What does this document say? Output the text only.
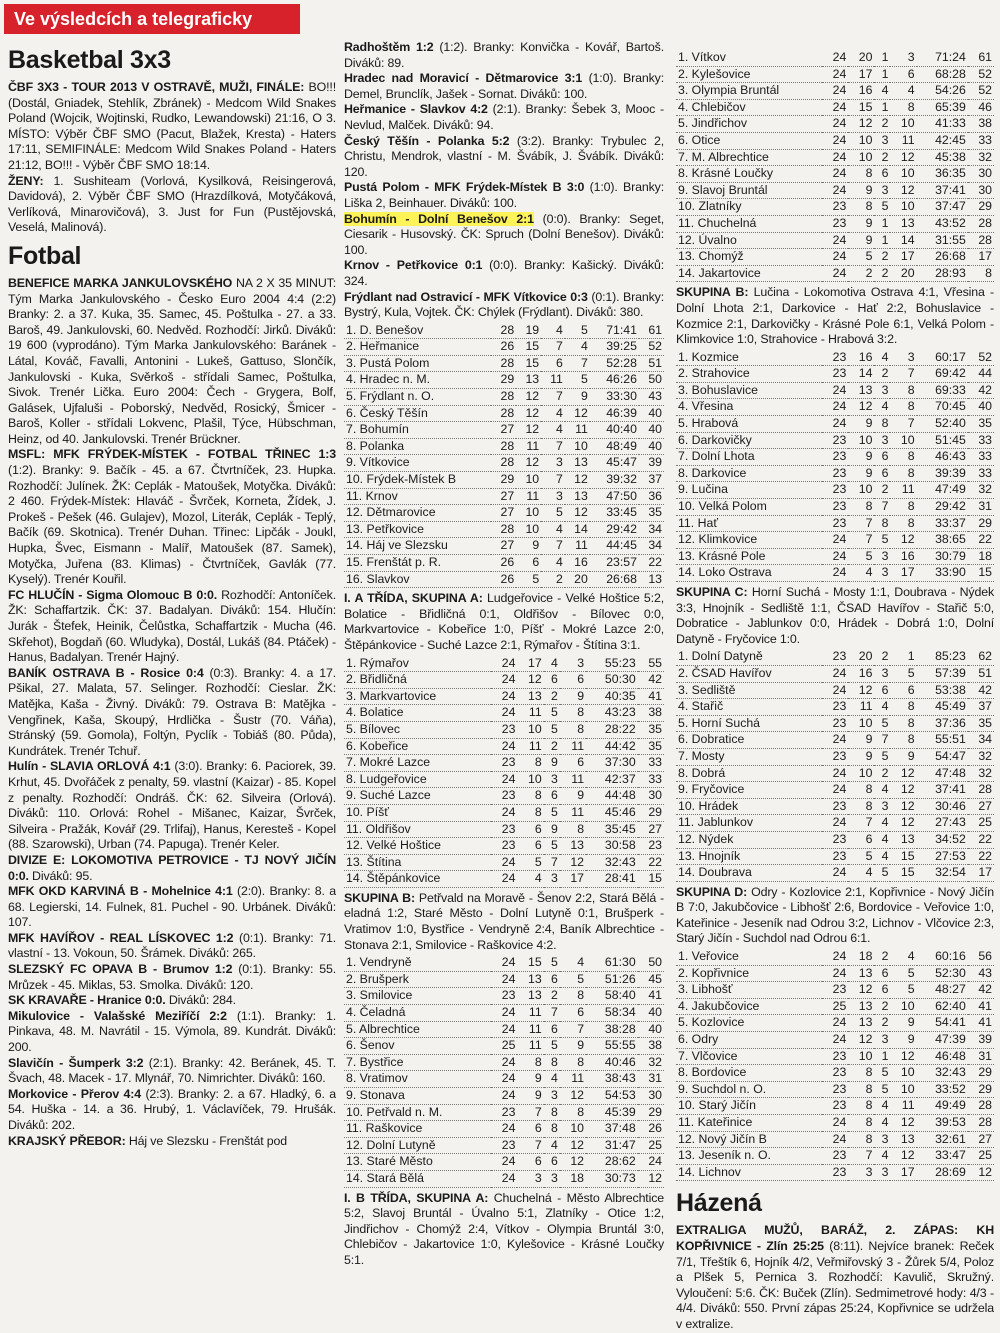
Ve výsledcích a telegraficky
Basketbal 3x3

ČBF 3X3 - TOUR 2013 V OSTRAVĚ, MUŽI, FINÁLE: BO!!! (Dostál, Gniadek, Stehlík, Zbránek) - Medcom Wild Snakes Poland (Wojcik, Wojtinski, Rudko, Lewandowski) 21:16, O 3. MÍSTO: Výběr ČBF SMO (Pacut, Blažek, Kresta) - Haters 17:11, SEMIFINÁLE: Medcom Wild Snakes Poland - Haters 21:12, BO!!! - Výběr ČBF SMO 18:14.

ŽENY: 1. Sushiteam (Vorlová, Kysilková, Reisingerová, Davidová), 2. Výběr ČBF SMO (Hrazdílková, Motyčáková, Verlíková, Minarovičová), 3. Just for Fun (Pustějovská, Veselá, Malinová).

Fotbal

BENEFICE MARKA JANKULOVSKÉHO NA 2 X 35 MINUT: Tým Marka Jankulovského - Česko Euro 2004 4:4 (2:2) Branky: 2. a 37. Kuka, 35. Samec, 45. Poštulka - 27. a 33. Baroš, 49. Jankulovski, 60. Nedvěd. Rozhodčí: Jirků. Diváků: 19 600 (vyprodáno). Tým Marka Jankulovského: Baránek - Látal, Kováč, Favalli, Antonini - Lukeš, Gattuso, Slončík, Jankulovski - Kuka, Svěrkoš - střídali Samec, Poštulka, Sivok. Trenér Lička. Euro 2004: Čech - Grygera, Bolf, Galásek, Ujfaluši - Poborský, Nedvěd, Rosický, Šmicer - Baroš, Koller - střídali Lokvenc, Plašil, Týce, Hübschman, Heinz, od 40. Jankulovski. Trenér Brückner.

MSFL: MFK FRÝDEK-MÍSTEK - FOTBAL TŘINEC 1:3 (1:2). Branky: 9. Bačík - 45. a 67. Čtvrtníček, 23. Hupka. Rozhodčí: Julínek. ŽK: Ceplák - Matoušek, Motyčka. Diváků: 2 460. Frýdek-Místek: Hlaváč - Švrček, Korneta, Žídek, J. Prokeš - Pešek (46. Gulajev), Mozol, Literák, Ceplák - Teplý, Bačík (69. Skotnica). Trenér Duhan. Třinec: Lipčák - Joukl, Hupka, Švec, Eismann - Malíř, Matoušek (87. Samek), Motyčka, Juřena (83. Klimas) - Čtvrtníček, Gavlák (77. Kyselý). Trenér Kouřil.

FC HLUČÍN - Sigma Olomouc B 0:0. Rozhodčí: Antoníček. ŽK: Schaffartzik. ČK: 37. Badalyan. Diváků: 154. Hlučín: Jurák - Štefek, Heinik, Čelůstka, Schaffartzik - Mucha (46. Skřehot), Bogdaň (60. Wludyka), Dostál, Lukáš (84. Ptáček) - Hanus, Badalyan. Trenér Hajný.

BANÍK OSTRAVA B - Rosice 0:4 (0:3). Branky: 4. a 17. Pšikal, 27. Malata, 57. Selinger. Rozhodčí: Cieslar. ŽK: Matějka, Kaša - Živný. Diváků: 79. Ostrava B: Matějka - Vengřinek, Kaša, Skoupý, Hrdlička - Šustr (70. Váňa), Stránský (59. Gomola), Foltýn, Pyclík - Tobiáš (80. Půda), Kundrátek. Trenér Tchuř.

Hulín - SLAVIA ORLOVÁ 4:1 (3:0). Branky: 6. Paciorek, 39. Krhut, 45. Dvořáček z penalty, 59. vlastní (Kaizar) - 85. Kopel z penalty. Rozhodčí: Ondráš. ČK: 62. Silveira (Orlová). Diváků: 110. Orlová: Rohel - Mišanec, Kaizar, Švrček, Silveira - Pražák, Kovář (29. Trlifaj), Hanus, Kerestеš - Kopel (88. Szarowski), Urban (74. Papuga). Trenér Keler.

DIVIZE E: LOKOMOTIVA PETROVICE - TJ NOVÝ JIČÍN 0:0. Diváků: 95.

MFK OKD KARVINÁ B - Mohelnice 4:1 (2:0). Branky: 8. a 68. Legierski, 14. Fulnek, 81. Puchel - 90. Urbánek. Diváků: 107.

MFK HAVÍŘOV - REAL LÍSKOVEC 1:2 (0:1). Branky: 71. vlastní - 13. Vokoun, 50. Šrámek. Diváků: 265.

SLEZSKÝ FC OPAVA B - Brumov 1:2 (0:1). Branky: 55. Mrůzek - 45. Miklas, 53. Smolka. Diváků: 120.

SK KRAVAŘE - Hranice 0:0. Diváků: 284.

Mikulovice - Valašské Meziříčí 2:2 (1:1). Branky: 1. Pinkava, 48. M. Navrátil - 15. Výmola, 89. Kundrát. Diváků: 200.

Slavičín - Šumperk 3:2 (2:1). Branky: 42. Beránek, 45. T. Švach, 48. Macek - 17. Mlynář, 70. Nimrichter. Diváků: 160.

Morkovice - Přerov 4:4 (2:3). Branky: 2. a 67. Hladký, 6. a 54. Huška - 14. a 36. Hrubý, 1. Václavíček, 79. Hrušák. Diváků: 202.

KRAJSKÝ PŘEBOR: Háj ve Slezsku - Frenštát pod

Radhoštěm 1:2 (1:2). Branky: Konvička - Kovář, Bartoš. Diváků: 89.

Hradec nad Moravicí - Dětmarovice 3:1 (1:0). Branky: Demel, Brunclík, Jašek - Sornat. Diváků: 100.

Heřmanice - Slavkov 4:2 (2:1). Branky: Šebek 3, Mooc - Nevlud, Malček. Diváků: 94.

Český Těšín - Polanka 5:2 (3:2). Branky: Trybulec 2, Christu, Mendrok, vlastní - M. Švábík, J. Švábík. Diváků: 120.

Pustá Polom - MFK Frýdek-Místek B 3:0 (1:0). Branky: Liška 2, Beinhauer. Diváků: 100.

Bohumín - Dolní Benešov 2:1 (0:0). Branky: Seget, Ciesarik - Husovský. ČK: Spruch (Dolní Benešov). Diváků: 100.

Krnov - Petřkovice 0:1 (0:0). Branky: Kašický. Diváků: 324.

Frýdlant nad Ostravicí - MFK Vítkovice 0:3 (0:1). Branky: Bystrý, Kula, Vojtek. ČK: Chýlek (Frýdlant). Diváků: 380.

1. D. Benešov	28	19	4	5	71:41	61
2. Heřmanice	26	15	7	4	39:25	52
3. Pustá Polom	28	15	6	7	52:28	51
4. Hradec n. M.	29	13	11	5	46:26	50
5. Frýdlant n. O.	28	12	7	9	33:30	43
6. Český Těšín	28	12	4	12	46:39	40
7. Bohumín	27	12	4	11	40:40	40
8. Polanka	28	11	7	10	48:49	40
9. Vítkovice	28	12	3	13	45:47	39
10. Frýdek-Místek B	29	10	7	12	39:32	37
11. Krnov	27	11	3	13	47:50	36
12. Dětmarovice	27	10	5	12	33:45	35
13. Petřkovice	28	10	4	14	29:42	34
14. Háj ve Slezsku	27	9	7	11	44:45	34
15. Frenštát p. R.	26	6	4	16	23:57	22
16. Slavkov	26	5	2	20	26:68	13

I. A TŘÍDA, SKUPINA A: Ludgeřovice - Velké Hoštice 5:2, Bolatice - Břidličná 0:1, Oldřišov - Bílovec 0:0, Markvartovice - Kobeřice 1:0, Píšť - Mokré Lazce 2:0, Štěpánkovice - Suché Lazce 2:1, Rýmařov - Štítina 3:1.

1. Rýmařov	24	17	4	3	55:23	55
2. Břidličná	24	12	6	6	50:30	42
3. Markvartovice	24	13	2	9	40:35	41
4. Bolatice	24	11	5	8	43:23	38
5. Bílovec	23	10	5	8	28:22	35
6. Kobeřice	24	11	2	11	44:42	35
7. Mokré Lazce	23	8	9	6	37:30	33
8. Ludgeřovice	24	10	3	11	42:37	33
9. Suché Lazce	23	8	6	9	44:48	30
10. Píšť	24	8	5	11	45:46	29
11. Oldřišov	23	6	9	8	35:45	27
12. Velké Hoštice	23	6	5	13	30:58	23
13. Štítina	24	5	7	12	32:43	22
14. Štěpánkovice	24	4	3	17	28:41	15

SKUPINA B: Petřvald na Moravě - Šenov 2:2, Stará Bělá - eladná 1:2, Staré Město - Dolní Lutyně 0:1, Brušperk - Vratimov 1:0, Bystřice - Vendryně 2:4, Baník Albrechtice - Stonava 2:1, Smilovice - Raškovice 4:2.

1. Vendryně	24	15	5	4	61:30	50
2. Brušperk	24	13	6	5	51:26	45
3. Smilovice	23	13	2	8	58:40	41
4. Čeladná	24	11	7	6	58:34	40
5. Albrechtice	24	11	6	7	38:28	40
6. Šenov	25	11	5	9	55:55	38
7. Bystřice	24	8	8	8	40:46	32
8. Vratimov	24	9	4	11	38:43	31
9. Stonava	24	9	3	12	54:53	30
10. Petřvald n. M.	23	7	8	8	45:39	29
11. Raškovice	24	6	8	10	37:48	26
12. Dolní Lutyně	23	7	4	12	31:47	25
13. Staré Město	24	6	6	12	28:62	24
14. Stará Bělá	24	3	3	18	30:73	12

I. B TŘÍDA, SKUPINA A: Chuchelná - Město Albrechtice 5:2, Slavoj Bruntál - Úvalno 5:1, Zlatníky - Otice 1:2, Jindřichov - Chomýž 2:4, Vítkov - Olympia Bruntál 3:0, Chlebičov - Jakartovice 1:0, Kylešovice - Krásné Loučky 5:1.

1. Vítkov	24	20	1	3	71:24	61
2. Kylešovice	24	17	1	6	68:28	52
3. Olympia Bruntál	24	16	4	4	54:26	52
4. Chlebičov	24	15	1	8	65:39	46
5. Jindřichov	24	12	2	10	41:33	38
6. Otice	24	10	3	11	42:45	33
7. M. Albrechtice	24	10	2	12	45:38	32
8. Krásné Loučky	24	8	6	10	36:35	30
9. Slavoj Bruntál	24	9	3	12	37:41	30
10. Zlatníky	23	8	5	10	37:47	29
11. Chuchelná	23	9	1	13	43:52	28
12. Úvalno	24	9	1	14	31:55	28
13. Chomýž	24	5	2	17	26:68	17
14. Jakartovice	24	2	2	20	28:93	8

SKUPINA B: Lučina - Lokomotiva Ostrava 4:1, Vřesina - Dolní Lhota 2:1, Darkovice - Hať 2:2, Bohuslavice - Kozmice 2:1, Darkovičky - Krásné Pole 6:1, Velká Polom - Klimkovice 1:0, Strahovice - Hrabová 3:2.

1. Kozmice	23	16	4	3	60:17	52
2. Strahovice	23	14	2	7	69:42	44
3. Bohuslavice	24	13	3	8	69:33	42
4. Vřesina	24	12	4	8	70:45	40
5. Hrabová	24	9	8	7	52:40	35
6. Darkovičky	23	10	3	10	51:45	33
7. Dolní Lhota	23	9	6	8	46:43	33
8. Darkovice	23	9	6	8	39:39	33
9. Lučina	23	10	2	11	47:49	32
10. Velká Polom	23	8	7	8	29:42	31
11. Hať	23	7	8	8	33:37	29
12. Klimkovice	24	7	5	12	38:65	22
13. Krásné Pole	24	5	3	16	30:79	18
14. Loko Ostrava	24	4	3	17	33:90	15

SKUPINA C: Horní Suchá - Mosty 1:1, Doubrava - Nýdek 3:3, Hnojník - Sedliště 1:1, ČSAD Havířov - Stařič 5:0, Dobratice - Jablunkov 0:0, Hrádek - Dobrá 1:0, Dolní Datyně - Fryčovice 1:0.

1. Dolní Datyně	23	20	2	1	85:23	62
2. ČSAD Havířov	24	16	3	5	57:39	51
3. Sedliště	24	12	6	6	53:38	42
4. Stařič	23	11	4	8	45:49	37
5. Horní Suchá	23	10	5	8	37:36	35
6. Dobratice	24	9	7	8	55:51	34
7. Mosty	23	9	5	9	54:47	32
8. Dobrá	24	10	2	12	47:48	32
9. Fryčovice	24	8	4	12	37:41	28
10. Hrádek	23	8	3	12	30:46	27
11. Jablunkov	24	7	4	12	27:43	25
12. Nýdek	23	6	4	13	34:52	22
13. Hnojník	23	5	4	15	27:53	22
14. Doubrava	24	4	5	15	32:54	17

SKUPINA D: Odry - Kozlovice 2:1, Kopřivnice - Nový Jičín B 7:0, Jakubčovice - Libhošť 2:6, Bordovice - Veřovice 1:0, Kateřinice - Jeseník nad Odrou 3:2, Lichnov - Vlčovice 2:3, Starý Jičín - Suchdol nad Odrou 6:1.

1. Veřovice	24	18	2	4	60:16	56
2. Kopřivnice	24	13	6	5	52:30	43
3. Libhošť	23	12	6	5	48:27	42
4. Jakubčovice	25	13	2	10	62:40	41
5. Kozlovice	24	13	2	9	54:41	41
6. Odry	24	12	3	9	47:39	39
7. Vlčovice	23	10	1	12	46:48	31
8. Bordovice	23	8	5	10	32:43	29
9. Suchdol n. O.	23	8	5	10	33:52	29
10. Starý Jičín	23	8	4	11	49:49	28
11. Kateřinice	24	8	4	12	39:53	28
12. Nový Jičín B	24	8	3	13	32:61	27
13. Jeseník n. O.	23	7	4	12	33:47	25
14. Lichnov	23	3	3	17	28:69	12
Házená

EXTRALIGA MUŽŮ, BARÁŽ, 2. ZÁPAS: KH KOPŘIVNICE - Zlín 25:25 (8:11). Nejvíce branek: Reček 7/1, Třeštík 6, Hojník 4/2, Veřmiřovský 3 - Žůrek 5/4, Poloz a Plšek 5, Pernica 3. Rozhodčí: Kavulič, Skružný. Vyloučení: 5:6. ČK: Buček (Zlín). Sedmimetrové hody: 4/3 - 4/4. Diváků: 550. První zápas 25:24, Kopřivnice se udržela v extralize.
